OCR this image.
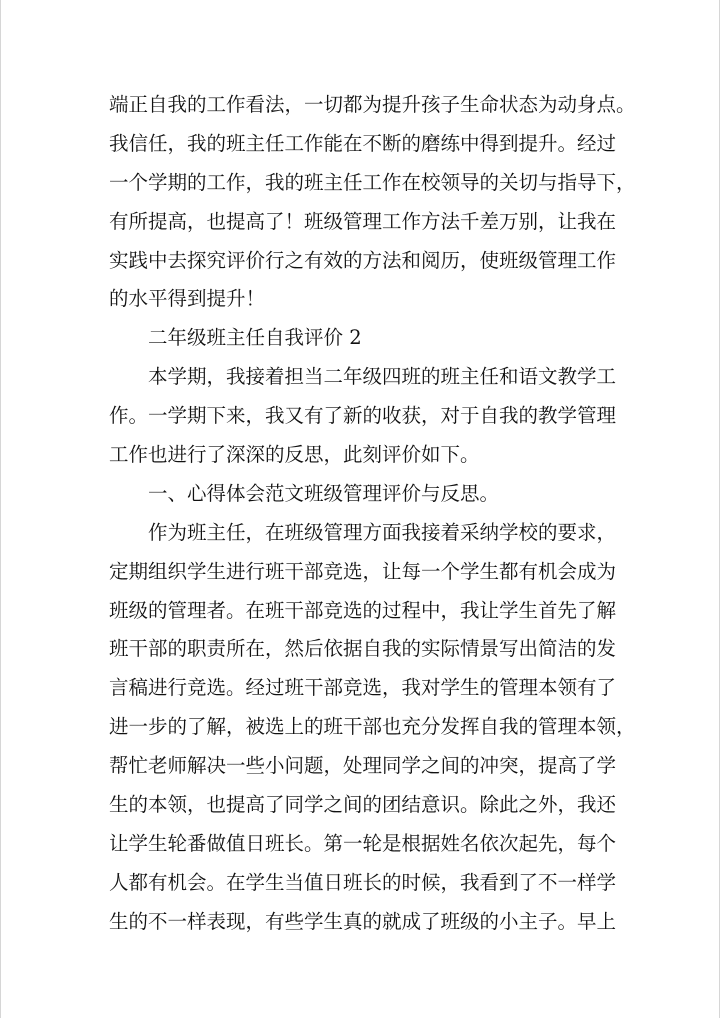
端正自我的工作看法，一切都为提升孩子生命状态为动身点。
我信任，我的班主任工作能在不断的磨练中得到提升。经过
一个学期的工作，我的班主任工作在校领导的关切与指导下，
有所提高，也提高了！班级管理工作方法千差万别，让我在
实践中去探究评价行之有效的方法和阅历，使班级管理工作
的水平得到提升！
二年级班主任自我评价 2
本学期，我接着担当二年级四班的班主任和语文教学工
作。一学期下来，我又有了新的收获，对于自我的教学管理
工作也进行了深深的反思，此刻评价如下。
一、心得体会范文班级管理评价与反思。
作为班主任，在班级管理方面我接着采纳学校的要求，
定期组织学生进行班干部竞选，让每一个学生都有机会成为
班级的管理者。在班干部竞选的过程中，我让学生首先了解
班干部的职责所在，然后依据自我的实际情景写出简洁的发
言稿进行竞选。经过班干部竞选，我对学生的管理本领有了
进一步的了解，被选上的班干部也充分发挥自我的管理本领，
帮忙老师解决一些小问题，处理同学之间的冲突，提高了学
生的本领，也提高了同学之间的团结意识。除此之外，我还
让学生轮番做值日班长。第一轮是根据姓名依次起先，每个
人都有机会。在学生当值日班长的时候，我看到了不一样学
生的不一样表现，有些学生真的就成了班级的小主子。早上
